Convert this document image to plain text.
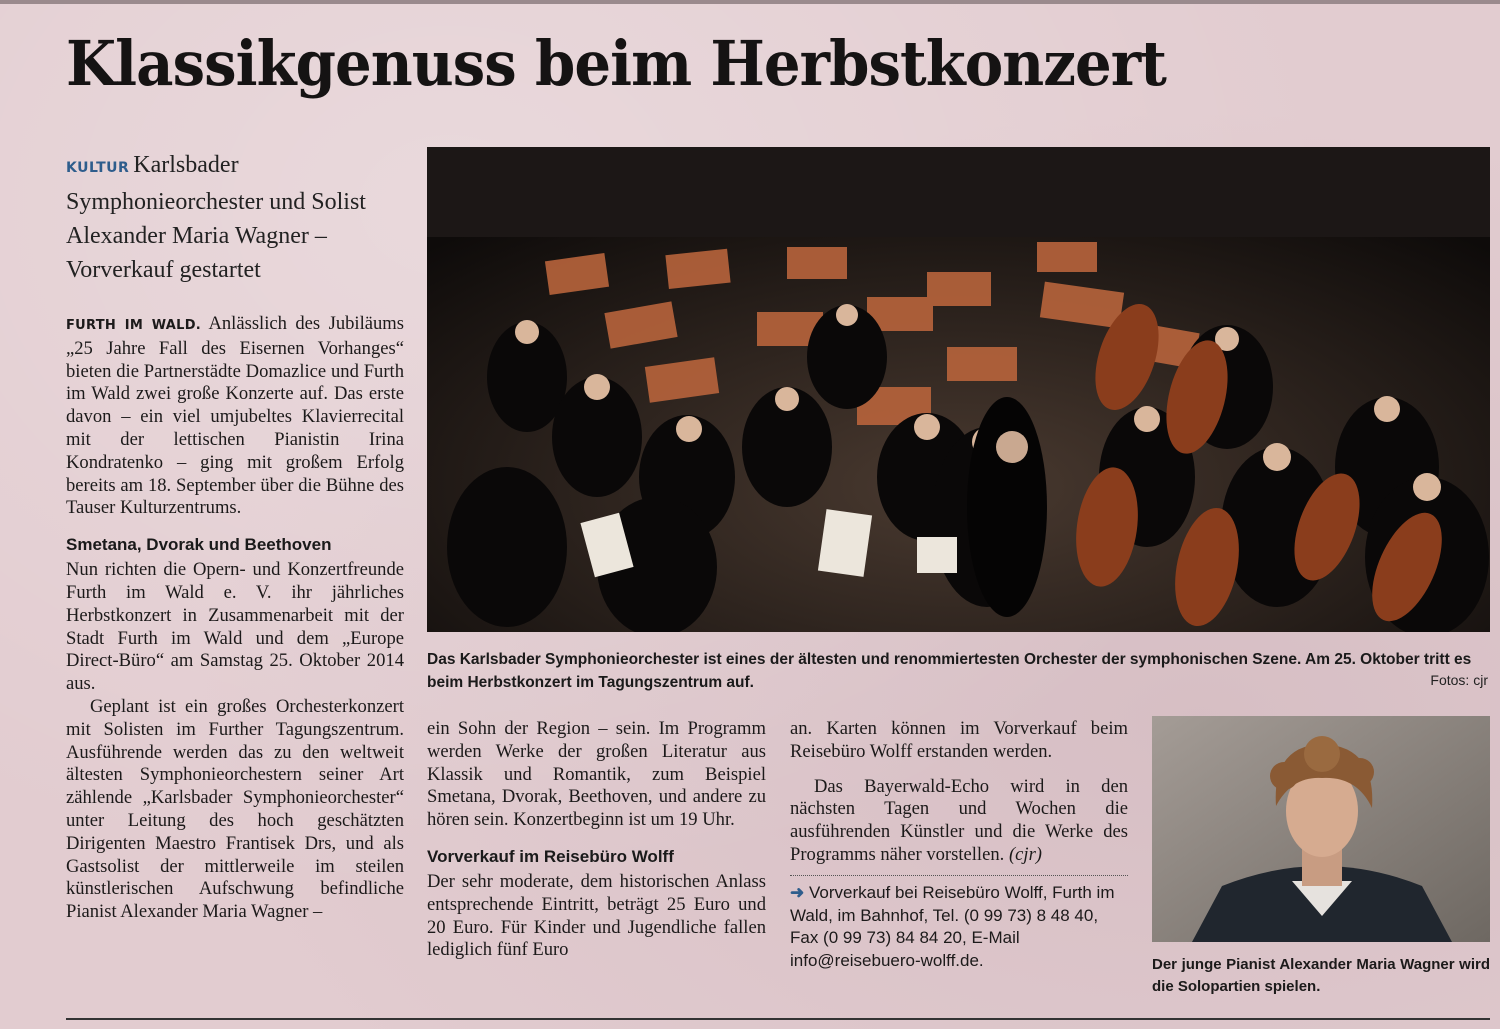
Klassikgenuss beim Herbstkonzert
KULTUR Karlsbader Symphonieorchester und Solist Alexander Maria Wagner – Vorverkauf gestartet

FURTH IM WALD. Anlässlich des Jubiläums „25 Jahre Fall des Eisernen Vorhanges“ bieten die Partnerstädte Domazlice und Furth im Wald zwei große Konzerte auf. Das erste davon – ein viel umjubeltes Klavierrecital mit der lettischen Pianistin Irina Kondratenko – ging mit großem Erfolg bereits am 18. September über die Bühne des Tauser Kulturzentrums.

Smetana, Dvorak und Beethoven

Nun richten die Opern- und Konzertfreunde Furth im Wald e. V. ihr jährliches Herbstkonzert in Zusammenarbeit mit der Stadt Furth im Wald und dem „Europe Direct-Büro“ am Samstag 25. Oktober 2014 aus.

Geplant ist ein großes Orchesterkonzert mit Solisten im Further Tagungszentrum. Ausführende werden das zu den weltweit ältesten Symphonieorchestern seiner Art zählende „Karlsbader Symphonieorchester“ unter Leitung des hoch geschätzten Dirigenten Maestro Frantisek Drs, und als Gastsolist der mittlerweile im steilen künstlerischen Aufschwung befindliche Pianist Alexander Maria Wagner –

Das Karlsbader Symphonieorchester ist eines der ältesten und renommiertesten Orchester der symphonischen Szene. Am 25. Oktober tritt es beim Herbstkonzert im Tagungszentrum auf.	Fotos: cjr

ein Sohn der Region – sein. Im Programm werden Werke der großen Literatur aus Klassik und Romantik, zum Beispiel Smetana, Dvorak, Beethoven, und andere zu hören sein. Konzertbeginn ist um 19 Uhr.

Vorverkauf im Reisebüro Wolff

Der sehr moderate, dem historischen Anlass entsprechende Eintritt, beträgt 25 Euro und 20 Euro. Für Kinder und Jugendliche fallen lediglich fünf Euro

an. Karten können im Vorverkauf beim Reisebüro Wolff erstanden werden.

Das Bayerwald-Echo wird in den nächsten Tagen und Wochen die ausführenden Künstler und die Werke des Programms näher vorstellen. (cjr)

➜ Vorverkauf bei Reisebüro Wolff, Furth im Wald, im Bahnhof, Tel. (0 99 73) 8 48 40, Fax (0 99 73) 84 84 20, E-Mail info@reisebuero-wolff.de.	Der junge Pianist Alexander Maria Wagner wird die Solopartien spielen.
